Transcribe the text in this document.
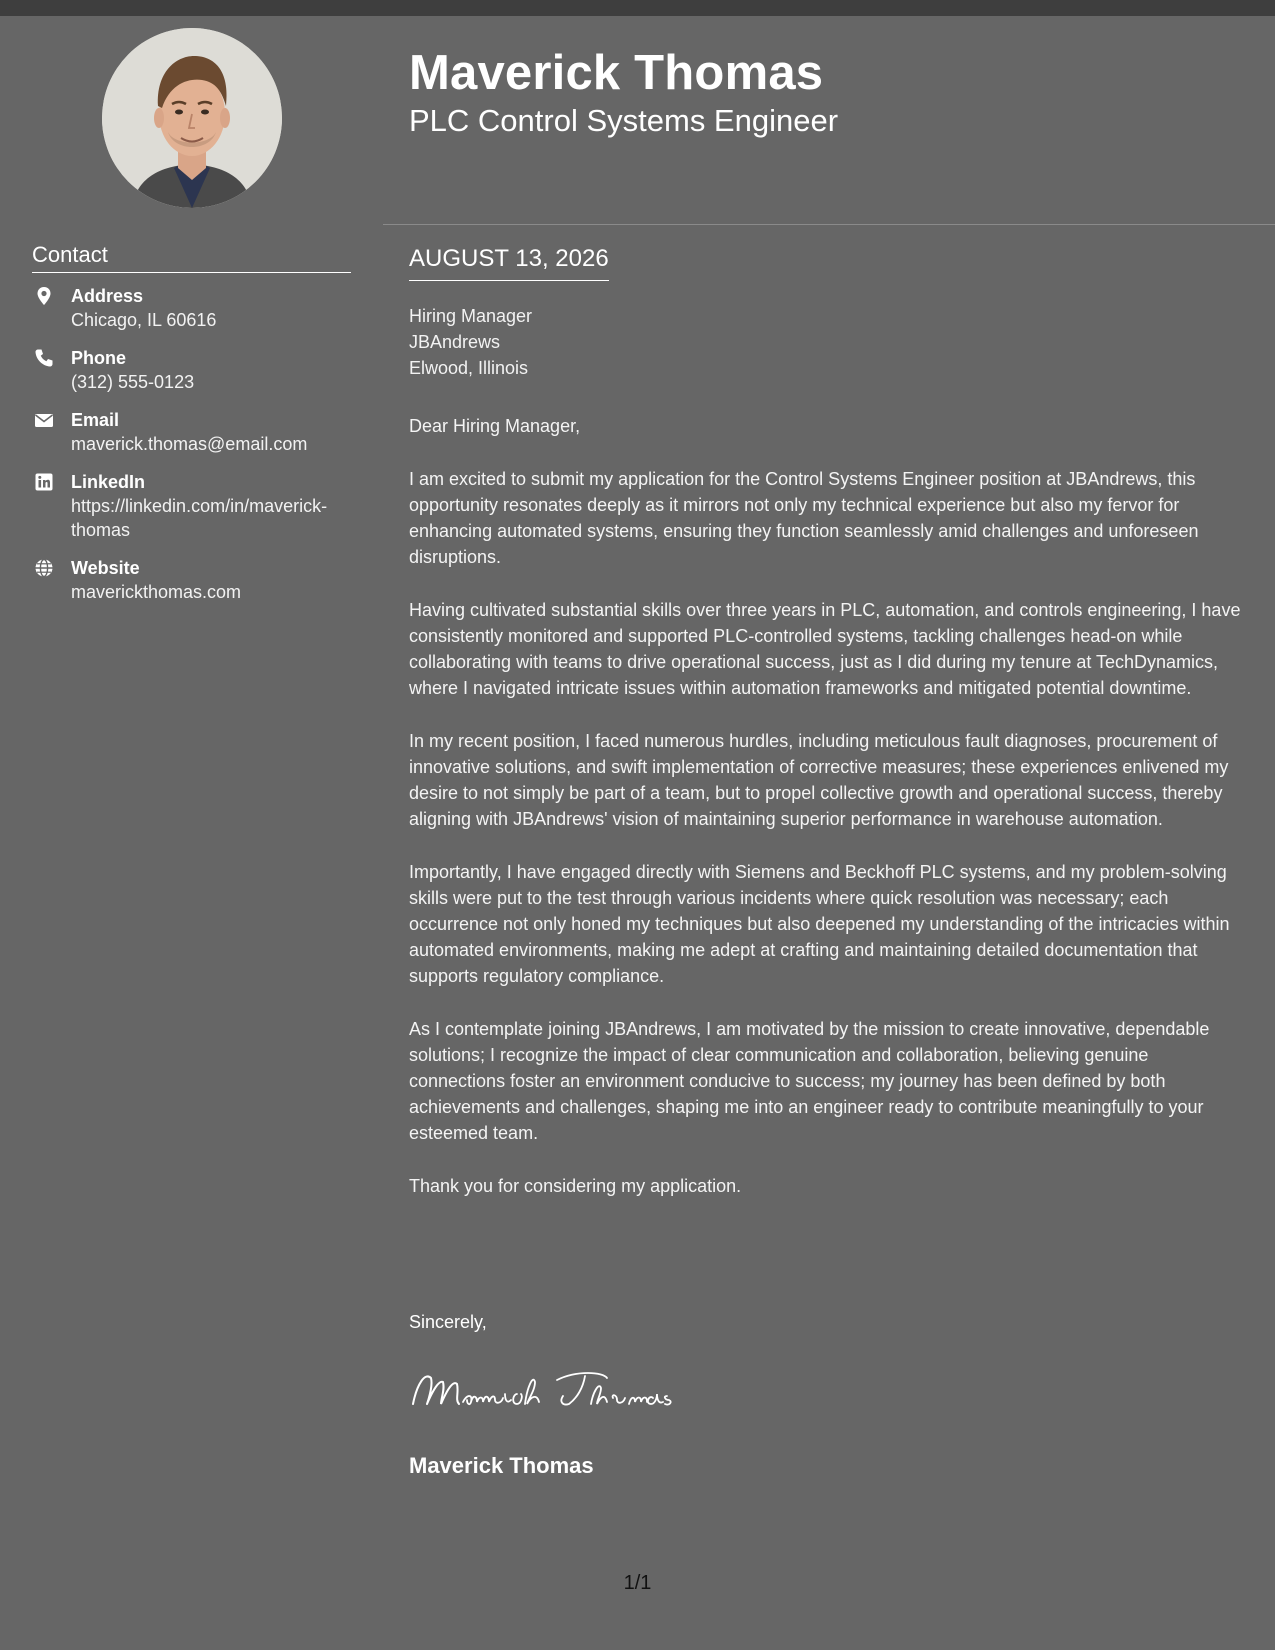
Contact
Address
Chicago, IL 60616
Phone
(312) 555-0123
Email
maverick.thomas@email.com
LinkedIn
https://linkedin.com/in/maverick-thomas
Website
maverickthomas.com
Maverick Thomas
PLC Control Systems Engineer
AUGUST 13, 2026
Hiring Manager
JBAndrews
Elwood, Illinois

Dear Hiring Manager,

I am excited to submit my application for the Control Systems Engineer position at JBAndrews, this opportunity resonates deeply as it mirrors not only my technical experience but also my fervor for enhancing automated systems, ensuring they function seamlessly amid challenges and unforeseen disruptions.

Having cultivated substantial skills over three years in PLC, automation, and controls engineering, I have consistently monitored and supported PLC-controlled systems, tackling challenges head-on while collaborating with teams to drive operational success, just as I did during my tenure at TechDynamics, where I navigated intricate issues within automation frameworks and mitigated potential downtime.

In my recent position, I faced numerous hurdles, including meticulous fault diagnoses, procurement of innovative solutions, and swift implementation of corrective measures; these experiences enlivened my desire to not simply be part of a team, but to propel collective growth and operational success, thereby aligning with JBAndrews' vision of maintaining superior performance in warehouse automation.

Importantly, I have engaged directly with Siemens and Beckhoff PLC systems, and my problem-solving skills were put to the test through various incidents where quick resolution was necessary; each occurrence not only honed my techniques but also deepened my understanding of the intricacies within automated environments, making me adept at crafting and maintaining detailed documentation that supports regulatory compliance.

As I contemplate joining JBAndrews, I am motivated by the mission to create innovative, dependable solutions; I recognize the impact of clear communication and collaboration, believing genuine connections foster an environment conducive to success; my journey has been defined by both achievements and challenges, shaping me into an engineer ready to contribute meaningfully to your esteemed team.

Thank you for considering my application.

Sincerely,
Maverick Thomas
1/1
